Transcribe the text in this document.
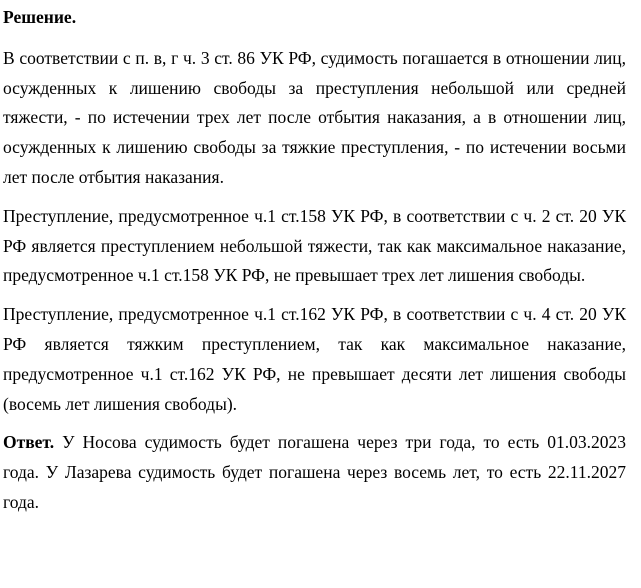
Решение.

В соответствии с п. в, г ч. 3 ст. 86 УК РФ, судимость погашается в отношении лиц, осужденных к лишению свободы за преступления небольшой или средней тяжести, - по истечении трех лет после отбытия наказания, а в отношении лиц, осужденных к лишению свободы за тяжкие преступления, - по истечении восьми лет после отбытия наказания.

Преступление, предусмотренное ч.1 ст.158 УК РФ, в соответствии с ч. 2 ст. 20 УК РФ является преступлением небольшой тяжести, так как максимальное наказание, предусмотренное ч.1 ст.158 УК РФ, не превышает трех лет лишения свободы.

Преступление, предусмотренное ч.1 ст.162 УК РФ, в соответствии с ч. 4 ст. 20 УК РФ является тяжким преступлением, так как максимальное наказание, предусмотренное ч.1 ст.162 УК РФ, не превышает десяти лет лишения свободы (восемь лет лишения свободы).

Ответ. У Носова судимость будет погашена через три года, то есть 01.03.2023 года. У Лазарева судимость будет погашена через восемь лет, то есть 22.11.2027 года.
